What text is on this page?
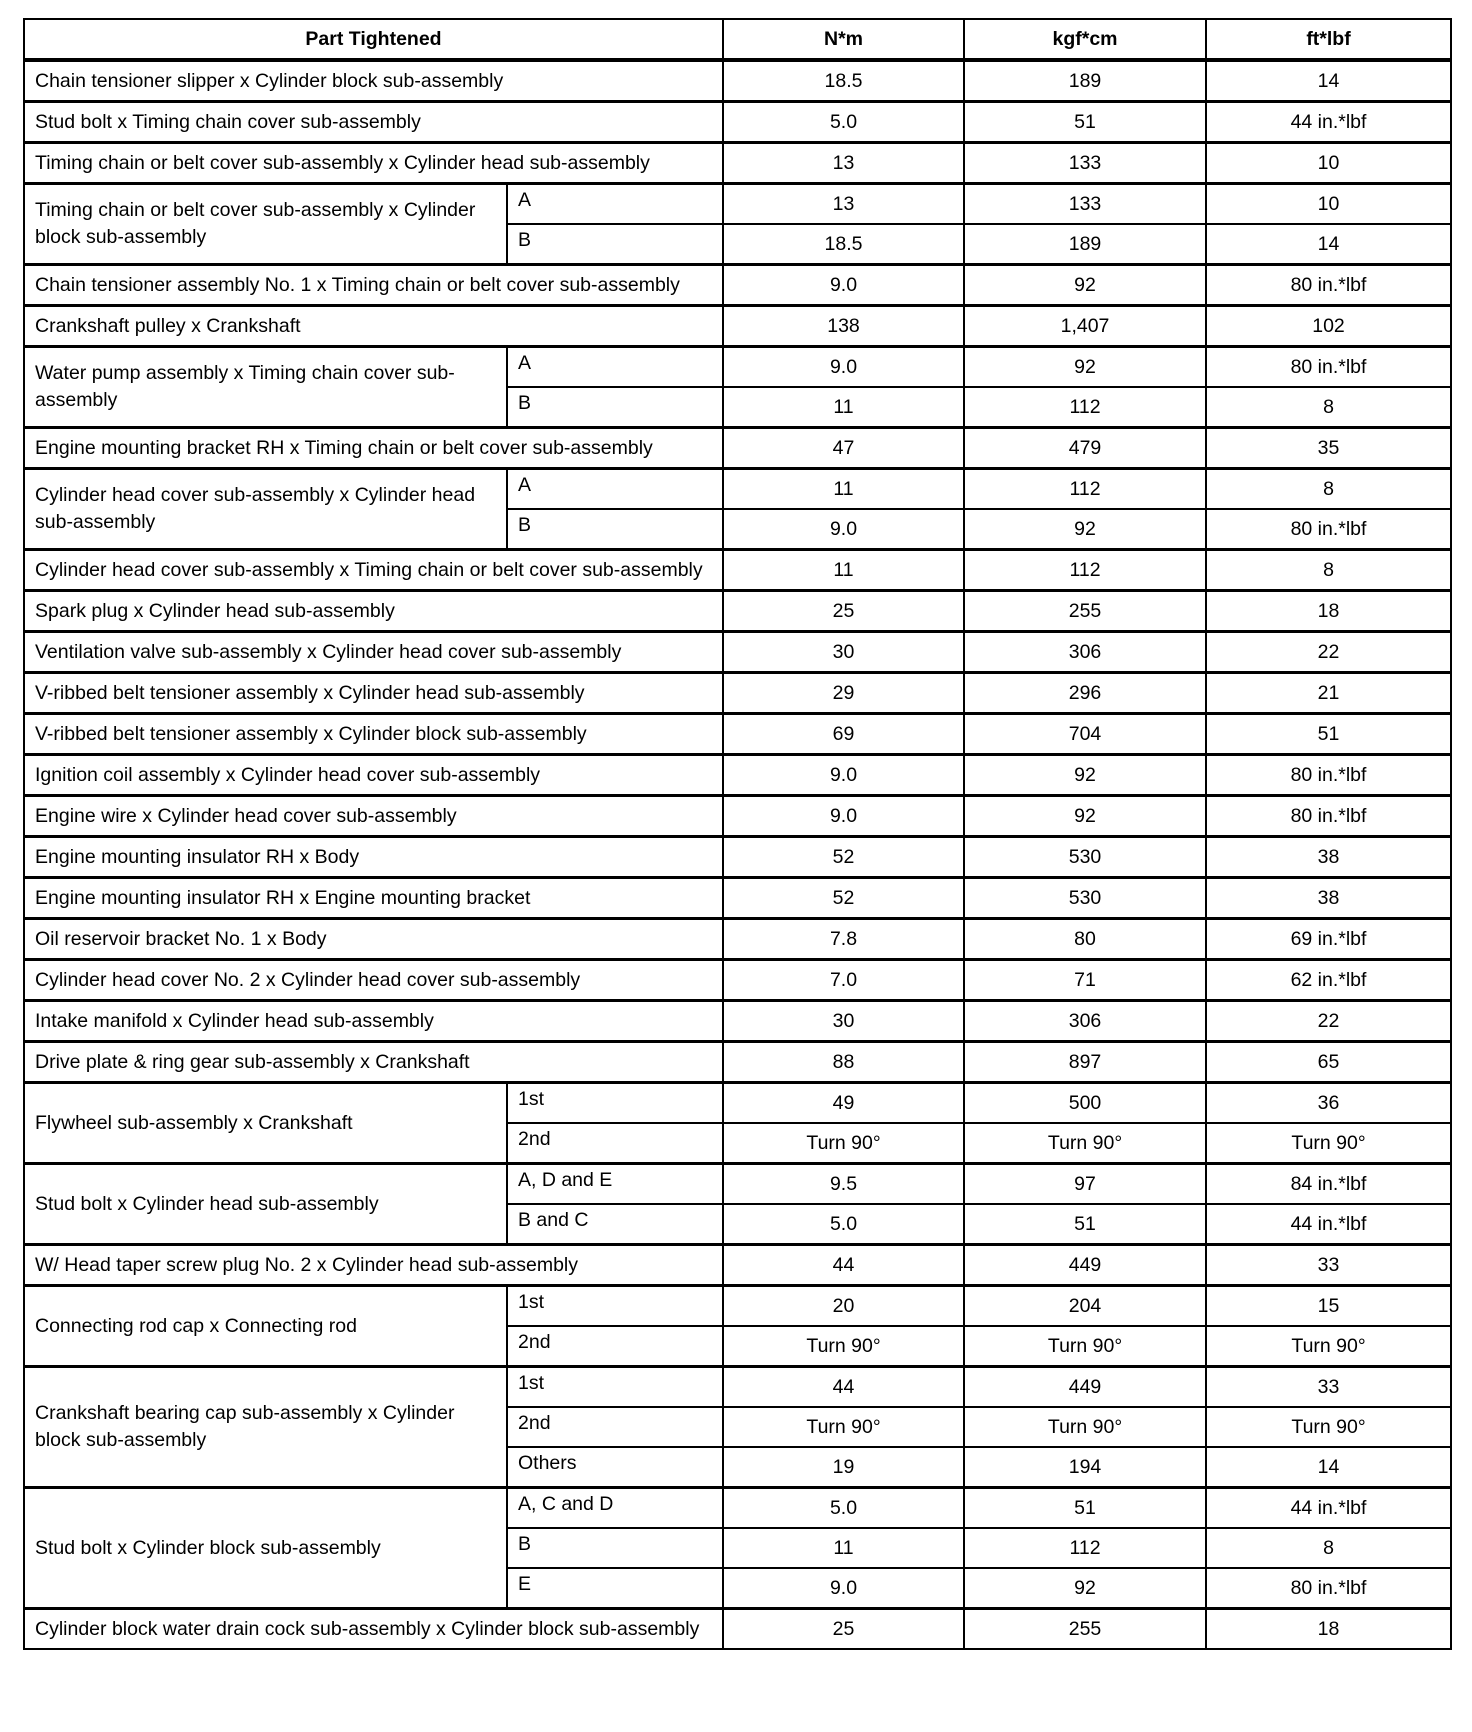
Part Tightened		N*m	kgf*cm	ft*lbf
Chain tensioner slipper x Cylinder block sub-assembly		18.5	189	14
Stud bolt x Timing chain cover sub-assembly		5.0	51	44 in.*lbf
Timing chain or belt cover sub-assembly x Cylinder head sub-assembly		13	133	10
Timing chain or belt cover sub-assembly x Cylinder block sub-assembly	A	13	133	10
	B	18.5	189	14
Chain tensioner assembly No. 1 x Timing chain or belt cover sub-assembly		9.0	92	80 in.*lbf
Crankshaft pulley x Crankshaft		138	1,407	102
Water pump assembly x Timing chain cover sub-assembly	A	9.0	92	80 in.*lbf
	B	11	112	8
Engine mounting bracket RH x Timing chain or belt cover sub-assembly		47	479	35
Cylinder head cover sub-assembly x Cylinder head sub-assembly	A	11	112	8
	B	9.0	92	80 in.*lbf
Cylinder head cover sub-assembly x Timing chain or belt cover sub-assembly		11	112	8
Spark plug x Cylinder head sub-assembly		25	255	18
Ventilation valve sub-assembly x Cylinder head cover sub-assembly		30	306	22
V-ribbed belt tensioner assembly x Cylinder head sub-assembly		29	296	21
V-ribbed belt tensioner assembly x Cylinder block sub-assembly		69	704	51
Ignition coil assembly x Cylinder head cover sub-assembly		9.0	92	80 in.*lbf
Engine wire x Cylinder head cover sub-assembly		9.0	92	80 in.*lbf
Engine mounting insulator RH x Body		52	530	38
Engine mounting insulator RH x Engine mounting bracket		52	530	38
Oil reservoir bracket No. 1 x Body		7.8	80	69 in.*lbf
Cylinder head cover No. 2 x Cylinder head cover sub-assembly		7.0	71	62 in.*lbf
Intake manifold x Cylinder head sub-assembly		30	306	22
Drive plate & ring gear sub-assembly x Crankshaft		88	897	65
Flywheel sub-assembly x Crankshaft	1st	49	500	36
	2nd	Turn 90°	Turn 90°	Turn 90°
Stud bolt x Cylinder head sub-assembly	A, D and E	9.5	97	84 in.*lbf
	B and C	5.0	51	44 in.*lbf
W/ Head taper screw plug No. 2 x Cylinder head sub-assembly		44	449	33
Connecting rod cap x Connecting rod	1st	20	204	15
	2nd	Turn 90°	Turn 90°	Turn 90°
Crankshaft bearing cap sub-assembly x Cylinder block sub-assembly	1st	44	449	33
	2nd	Turn 90°	Turn 90°	Turn 90°
	Others	19	194	14
Stud bolt x Cylinder block sub-assembly	A, C and D	5.0	51	44 in.*lbf
	B	11	112	8
	E	9.0	92	80 in.*lbf
Cylinder block water drain cock sub-assembly x Cylinder block sub-assembly		25	255	18
